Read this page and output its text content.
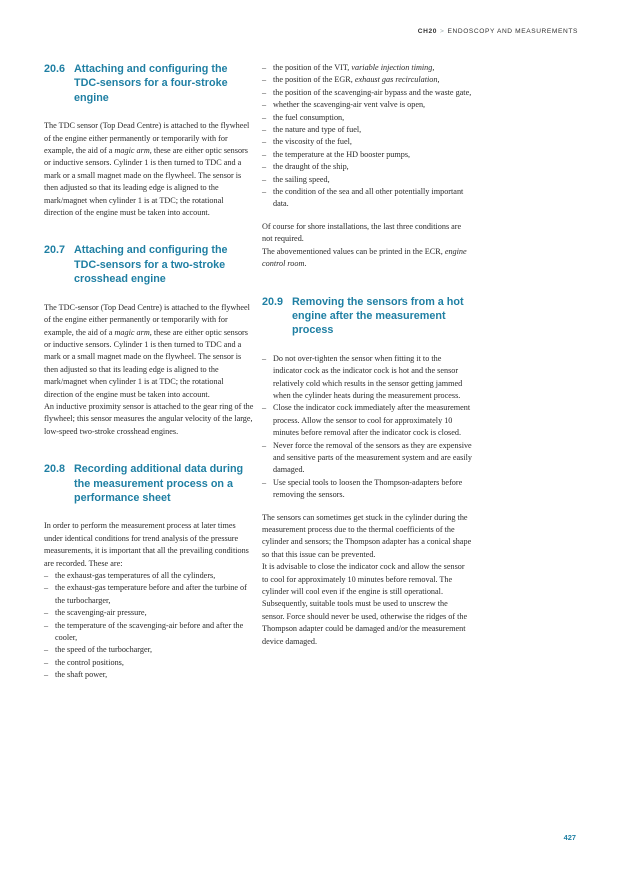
CH20 > ENDOSCOPY AND MEASUREMENTS
20.6 Attaching and configuring the TDC-sensors for a four-stroke engine

The TDC sensor (Top Dead Centre) is attached to the flywheel of the engine either permanently or temporarily with for example, the aid of a magic arm, these are either optic sensors or inductive sensors. Cylinder 1 is then turned to TDC and a mark or a small magnet made on the flywheel. The sensor is then adjusted so that its leading edge is aligned to the mark/magnet when cylinder 1 is at TDC; the rotational direction of the engine must be taken into account.

20.7 Attaching and configuring the TDC-sensors for a two-stroke crosshead engine

The TDC-sensor (Top Dead Centre) is attached to the flywheel of the engine either permanently or temporarily with for example, the aid of a magic arm, these are either optic sensors or inductive sensors. Cylinder 1 is then turned to TDC and a mark or a small magnet made on the flywheel. The sensor is then adjusted so that its leading edge is aligned to the mark/magnet when cylinder 1 is at TDC; the rotational direction of the engine must be taken into account.

An inductive proximity sensor is attached to the gear ring of the flywheel; this sensor measures the angular velocity of the large, low-speed two-stroke crosshead engines.

20.8 Recording additional data during the measurement process on a performance sheet

In order to perform the measurement process at later times under identical conditions for trend analysis of the pressure measurements, it is important that all the prevailing conditions are recorded. These are:

– the exhaust-gas temperatures of all the cylinders,
– the exhaust-gas temperature before and after the turbine of the turbocharger,
– the scavenging-air pressure,
– the temperature of the scavenging-air before and after the cooler,
– the speed of the turbocharger,
– the control positions,
– the shaft power,
– the position of the VIT, variable injection timing,
– the position of the EGR, exhaust gas recirculation,
– the position of the scavenging-air bypass and the waste gate,
– whether the scavenging-air vent valve is open,
– the fuel consumption,
– the nature and type of fuel,
– the viscosity of the fuel,
– the temperature at the HD booster pumps,
– the draught of the ship,
– the sailing speed,
– the condition of the sea and all other potentially important data.

Of course for shore installations, the last three conditions are not required.

The abovementioned values can be printed in the ECR, engine control room.

20.9 Removing the sensors from a hot engine after the measurement process
– Do not over-tighten the sensor when fitting it to the indicator cock as the indicator cock is hot and the sensor relatively cold which results in the sensor getting jammed when the cylinder heats during the measurement process.
– Close the indicator cock immediately after the measurement process. Allow the sensor to cool for approximately 10 minutes before removal after the indicator cock is closed.
– Never force the removal of the sensors as they are expensive and sensitive parts of the measurement system and are easily damaged.
– Use special tools to loosen the Thompson-adapters before removing the sensors.

The sensors can sometimes get stuck in the cylinder during the measurement process due to the thermal coefficients of the cylinder and sensors; the Thompson adapter has a conical shape so that this issue can be prevented.

It is advisable to close the indicator cock and allow the sensor to cool for approximately 10 minutes before removal. The cylinder will cool even if the engine is still operational.

Subsequently, suitable tools must be used to unscrew the sensor. Force should never be used, otherwise the ridges of the Thompson adapter could be damaged and/or the measurement device damaged.

427
